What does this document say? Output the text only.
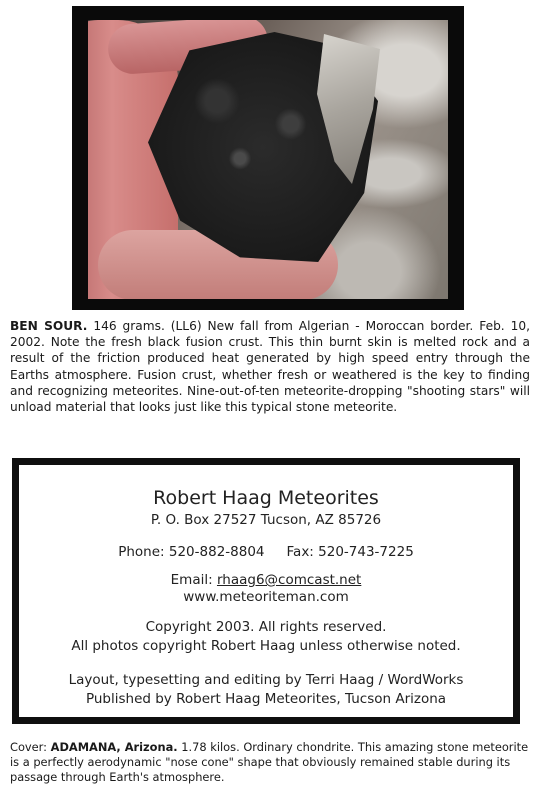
BEN SOUR. 146 grams. (LL6) New fall from Algerian - Moroccan border. Feb. 10, 2002. Note the fresh black fusion crust. This thin burnt skin is melted rock and a result of the friction produced heat generated by high speed entry through the Earths atmosphere. Fusion crust, whether fresh or weathered is the key to finding and recognizing meteorites. Nine-out-of-ten meteorite-dropping "shooting stars" will unload material that looks just like this typical stone meteorite.

Robert Haag Meteorites

P. O. Box 27527 Tucson, AZ 85726

Phone: 520-882-8804 Fax: 520-743-7225

Email: rhaag6@comcast.net

www.meteoriteman.com

Copyright 2003. All rights reserved.

All photos copyright Robert Haag unless otherwise noted.

Layout, typesetting and editing by Terri Haag / WordWorks

Published by Robert Haag Meteorites, Tucson Arizona

Cover: ADAMANA, Arizona. 1.78 kilos. Ordinary chondrite. This amazing stone meteorite is a perfectly aerodynamic "nose cone" shape that obviously remained stable during its passage through Earth's atmosphere.
